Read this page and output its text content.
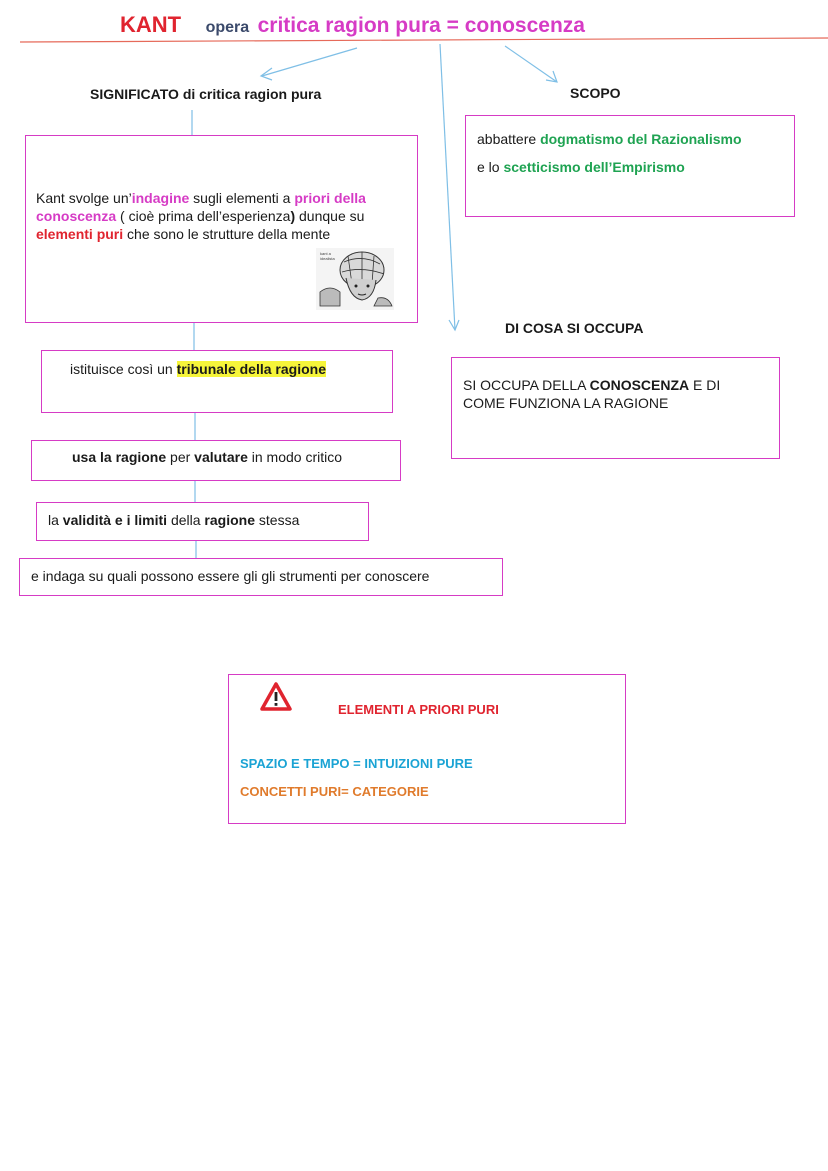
KANT opera critica ragion pura = conoscenza
SIGNIFICATO di critica ragion pura
Kant svolge un’indagine sugli elementi a priori della
conoscenza ( cioè prima dell’esperienza) dunque su
elementi puri che sono le strutture della mente
kant a
idealista
istituisce così un tribunale della ragione
usa la ragione per valutare in modo critico
la validità e i limiti della ragione stessa
e indaga su quali possono essere gli gli strumenti per conoscere
SCOPO
abbattere dogmatismo del Razionalismo
e lo scetticismo dell’Empirismo
DI COSA SI OCCUPA
SI OCCUPA DELLA CONOSCENZA E DI
COME FUNZIONA LA RAGIONE
ELEMENTI A PRIORI PURI
SPAZIO E TEMPO = INTUIZIONI PURE
CONCETTI PURI= CATEGORIE
